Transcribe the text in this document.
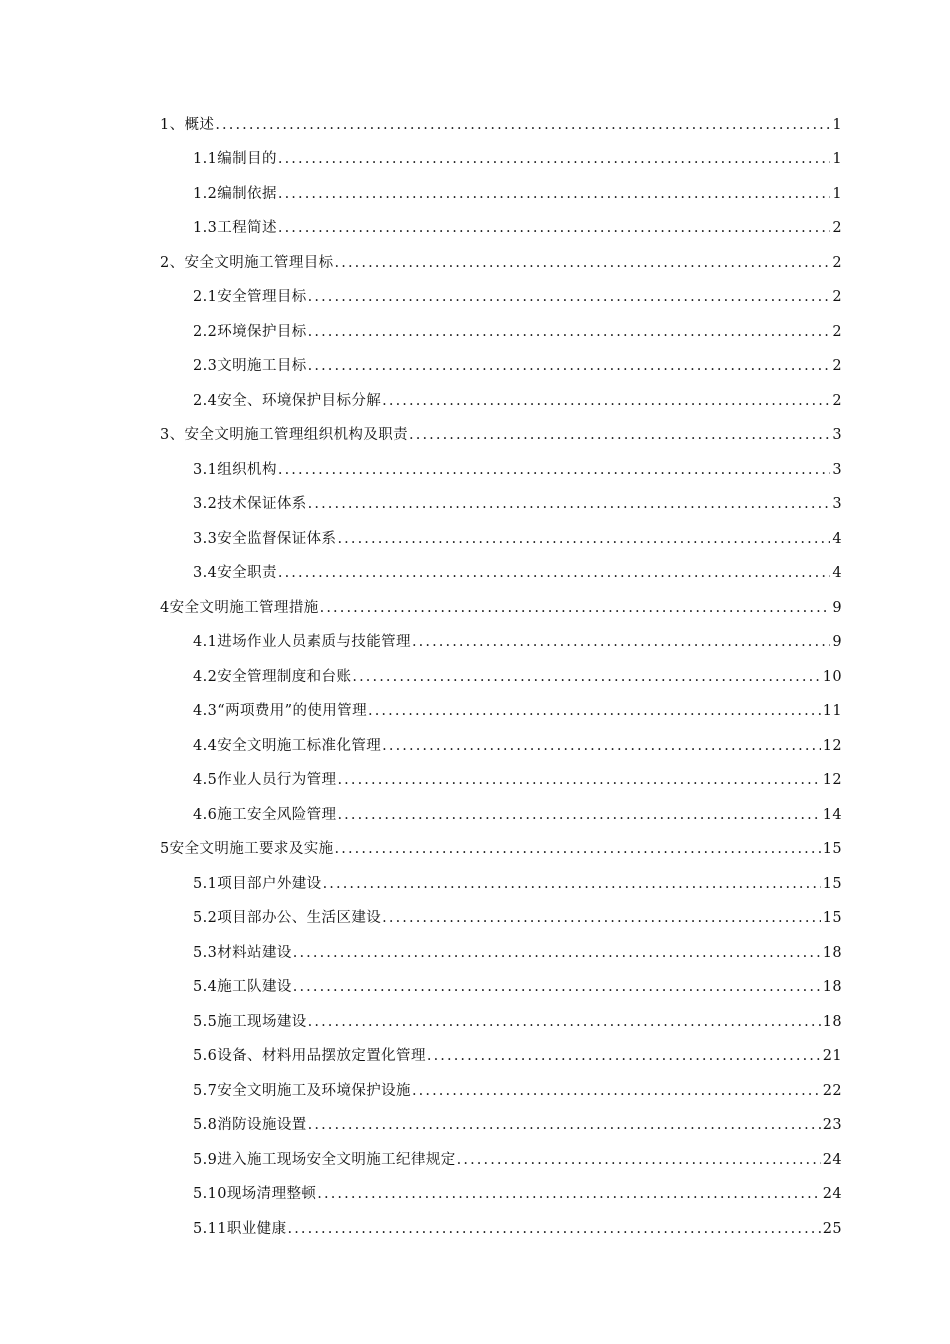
1、概述 .....	1
1.1编制目的 .....	1
1.2编制依据 .....	1
1.3工程简述 .....	2
2、安全文明施工管理目标 .....	2
2.1安全管理目标 .....	2
2.2环境保护目标 .....	2
2.3文明施工目标 .....	2
2.4安全、环境保护目标分解 .....	2
3、安全文明施工管理组织机构及职责 .....	3
3.1组织机构 .....	3
3.2技术保证体系 .....	3
3.3安全监督保证体系 .....	4
3.4安全职责 .....	4
4安全文明施工管理措施 .....	9
4.1进场作业人员素质与技能管理 .....	9
4.2安全管理制度和台账 .....	10
4.3“两项费用”的使用管理 .....	11
4.4安全文明施工标准化管理 .....	12
4.5作业人员行为管理 .....	12
4.6施工安全风险管理 .....	14
5安全文明施工要求及实施 .....	15
5.1项目部户外建设 .....	15
5.2项目部办公、生活区建设 .....	15
5.3材料站建设 .....	18
5.4施工队建设 .....	18
5.5施工现场建设 .....	18
5.6设备、材料用品摆放定置化管理 .....	21
5.7安全文明施工及环境保护设施 .....	22
5.8消防设施设置 .....	23
5.9进入施工现场安全文明施工纪律规定 .....	24
5.10现场清理整顿 .....	24
5.11职业健康 .....	25
